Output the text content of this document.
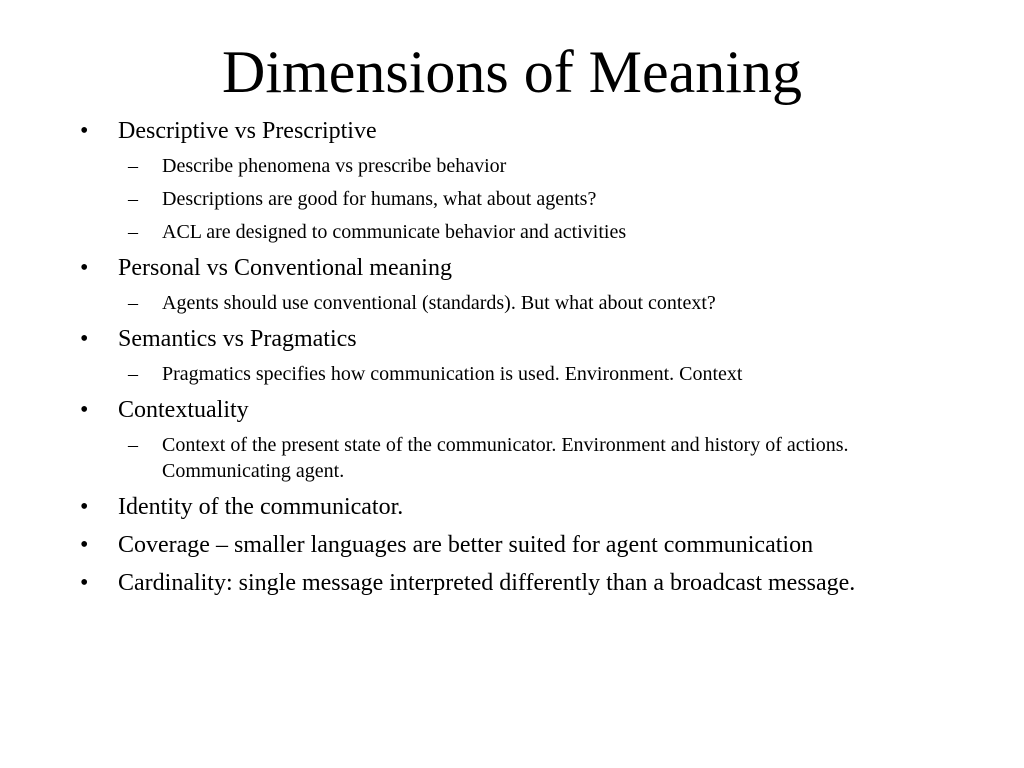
Dimensions of Meaning
• Descriptive vs Prescriptive
– Describe phenomena vs prescribe behavior
– Descriptions are good for humans, what about agents?
– ACL are designed to communicate behavior and activities
• Personal vs Conventional meaning
– Agents should use conventional (standards). But what about context?
• Semantics vs Pragmatics
– Pragmatics specifies how communication is used. Environment. Context
• Contextuality
– Context of the present state of the communicator. Environment and history of actions. Communicating agent.
• Identity of the communicator.
• Coverage – smaller languages are better suited for agent communication
• Cardinality: single message interpreted differently than a broadcast message.
